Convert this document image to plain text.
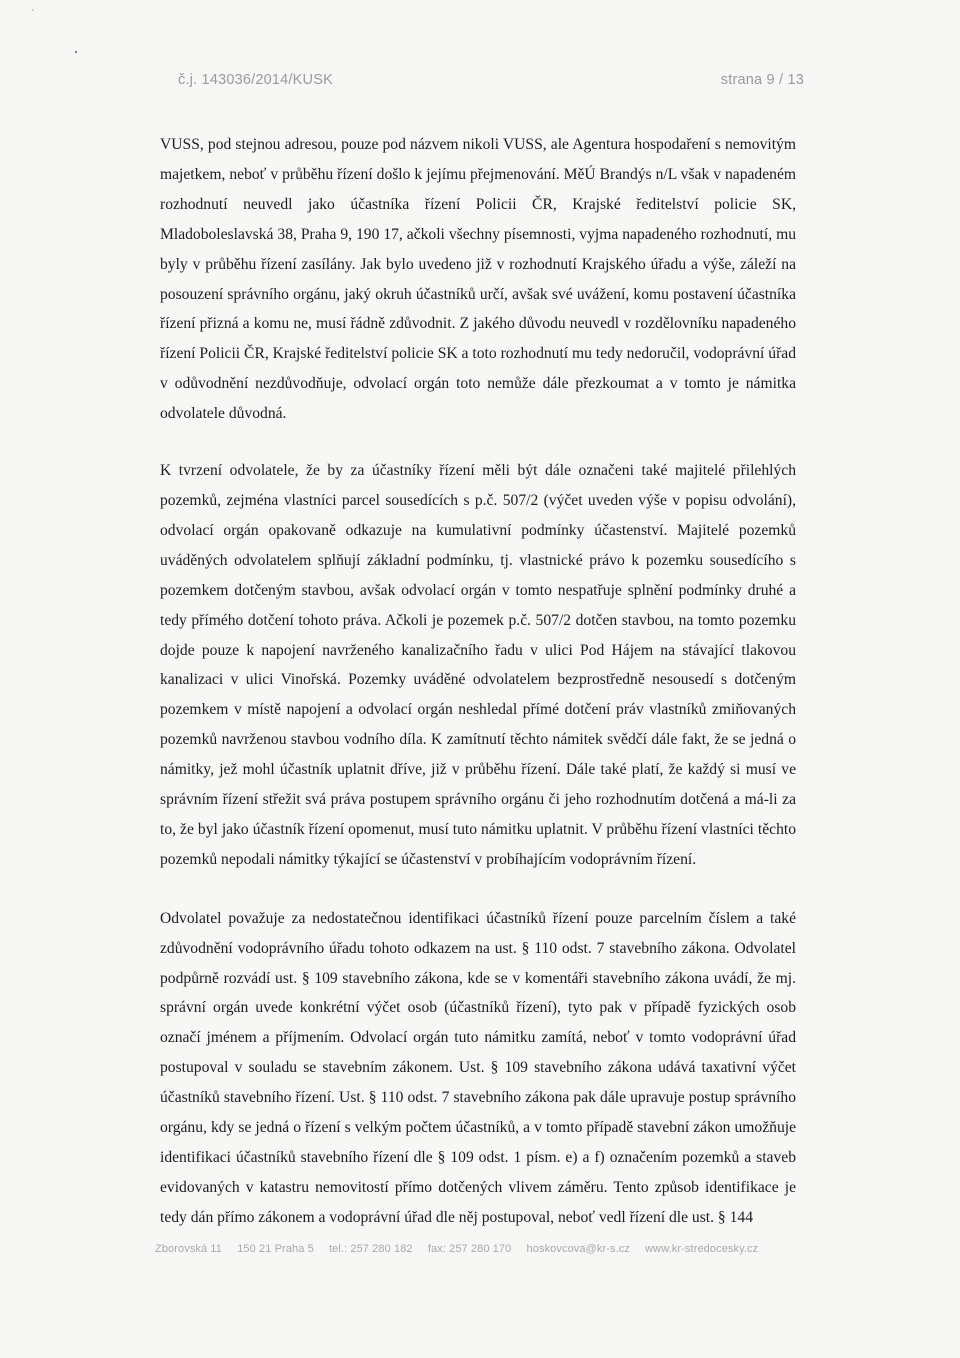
č.j. 143036/2014/KUSK	strana 9 / 13

VUSS, pod stejnou adresou, pouze pod názvem nikoli VUSS, ale Agentura hospodaření s nemovitým majetkem, neboť v průběhu řízení došlo k jejímu přejmenování. MěÚ Brandýs n/L však v napadeném rozhodnutí neuvedl jako účastníka řízení Policii ČR, Krajské ředitelství policie SK, Mladoboleslavská 38, Praha 9, 190 17, ačkoli všechny písemnosti, vyjma napadeného rozhodnutí, mu byly v průběhu řízení zasílány. Jak bylo uvedeno již v rozhodnutí Krajského úřadu a výše, záleží na posouzení správního orgánu, jaký okruh účastníků určí, avšak své uvážení, komu postavení účastníka řízení přizná a komu ne, musí řádně zdůvodnit. Z jakého důvodu neuvedl v rozdělovníku napadeného řízení Policii ČR, Krajské ředitelství policie SK a toto rozhodnutí mu tedy nedoručil, vodoprávní úřad v odůvodnění nezdůvodňuje, odvolací orgán toto nemůže dále přezkoumat a v tomto je námitka odvolatele důvodná.

K tvrzení odvolatele, že by za účastníky řízení měli být dále označeni také majitelé přilehlých pozemků, zejména vlastníci parcel sousedících s p.č. 507/2 (výčet uveden výše v popisu odvolání), odvolací orgán opakovaně odkazuje na kumulativní podmínky účastenství. Majitelé pozemků uváděných odvolatelem splňují základní podmínku, tj. vlastnické právo k pozemku sousedícího s pozemkem dotčeným stavbou, avšak odvolací orgán v tomto nespatřuje splnění podmínky druhé a tedy přímého dotčení tohoto práva. Ačkoli je pozemek p.č. 507/2 dotčen stavbou, na tomto pozemku dojde pouze k napojení navrženého kanalizačního řadu v ulici Pod Hájem na stávající tlakovou kanalizaci v ulici Vinořská. Pozemky uváděné odvolatelem bezprostředně nesousedí s dotčeným pozemkem v místě napojení a odvolací orgán neshledal přímé dotčení práv vlastníků zmiňovaných pozemků navrženou stavbou vodního díla. K zamítnutí těchto námitek svědčí dále fakt, že se jedná o námitky, jež mohl účastník uplatnit dříve, již v průběhu řízení. Dále také platí, že každý si musí ve správním řízení střežit svá práva postupem správního orgánu či jeho rozhodnutím dotčená a má-li za to, že byl jako účastník řízení opomenut, musí tuto námitku uplatnit. V průběhu řízení vlastníci těchto pozemků nepodali námitky týkající se účastenství v probíhajícím vodoprávním řízení.

Odvolatel považuje za nedostatečnou identifikaci účastníků řízení pouze parcelním číslem a také zdůvodnění vodoprávního úřadu tohoto odkazem na ust. § 110 odst. 7 stavebního zákona. Odvolatel podpůrně rozvádí ust. § 109 stavebního zákona, kde se v komentáři stavebního zákona uvádí, že mj. správní orgán uvede konkrétní výčet osob (účastníků řízení), tyto pak v případě fyzických osob označí jménem a příjmením. Odvolací orgán tuto námitku zamítá, neboť v tomto vodoprávní úřad postupoval v souladu se stavebním zákonem. Ust. § 109 stavebního zákona udává taxativní výčet účastníků stavebního řízení. Ust. § 110 odst. 7 stavebního zákona pak dále upravuje postup správního orgánu, kdy se jedná o řízení s velkým počtem účastníků, a v tomto případě stavební zákon umožňuje identifikaci účastníků stavebního řízení dle § 109 odst. 1 písm. e) a f) označením pozemků a staveb evidovaných v katastru nemovitostí přímo dotčených vlivem záměru. Tento způsob identifikace je tedy dán přímo zákonem a vodoprávní úřad dle něj postupoval, neboť vedl řízení dle ust. § 144

Zborovská 11 150 21 Praha 5 tel.: 257 280 182 fax: 257 280 170 hoskovcova@kr-s.cz www.kr-stredocesky.cz
